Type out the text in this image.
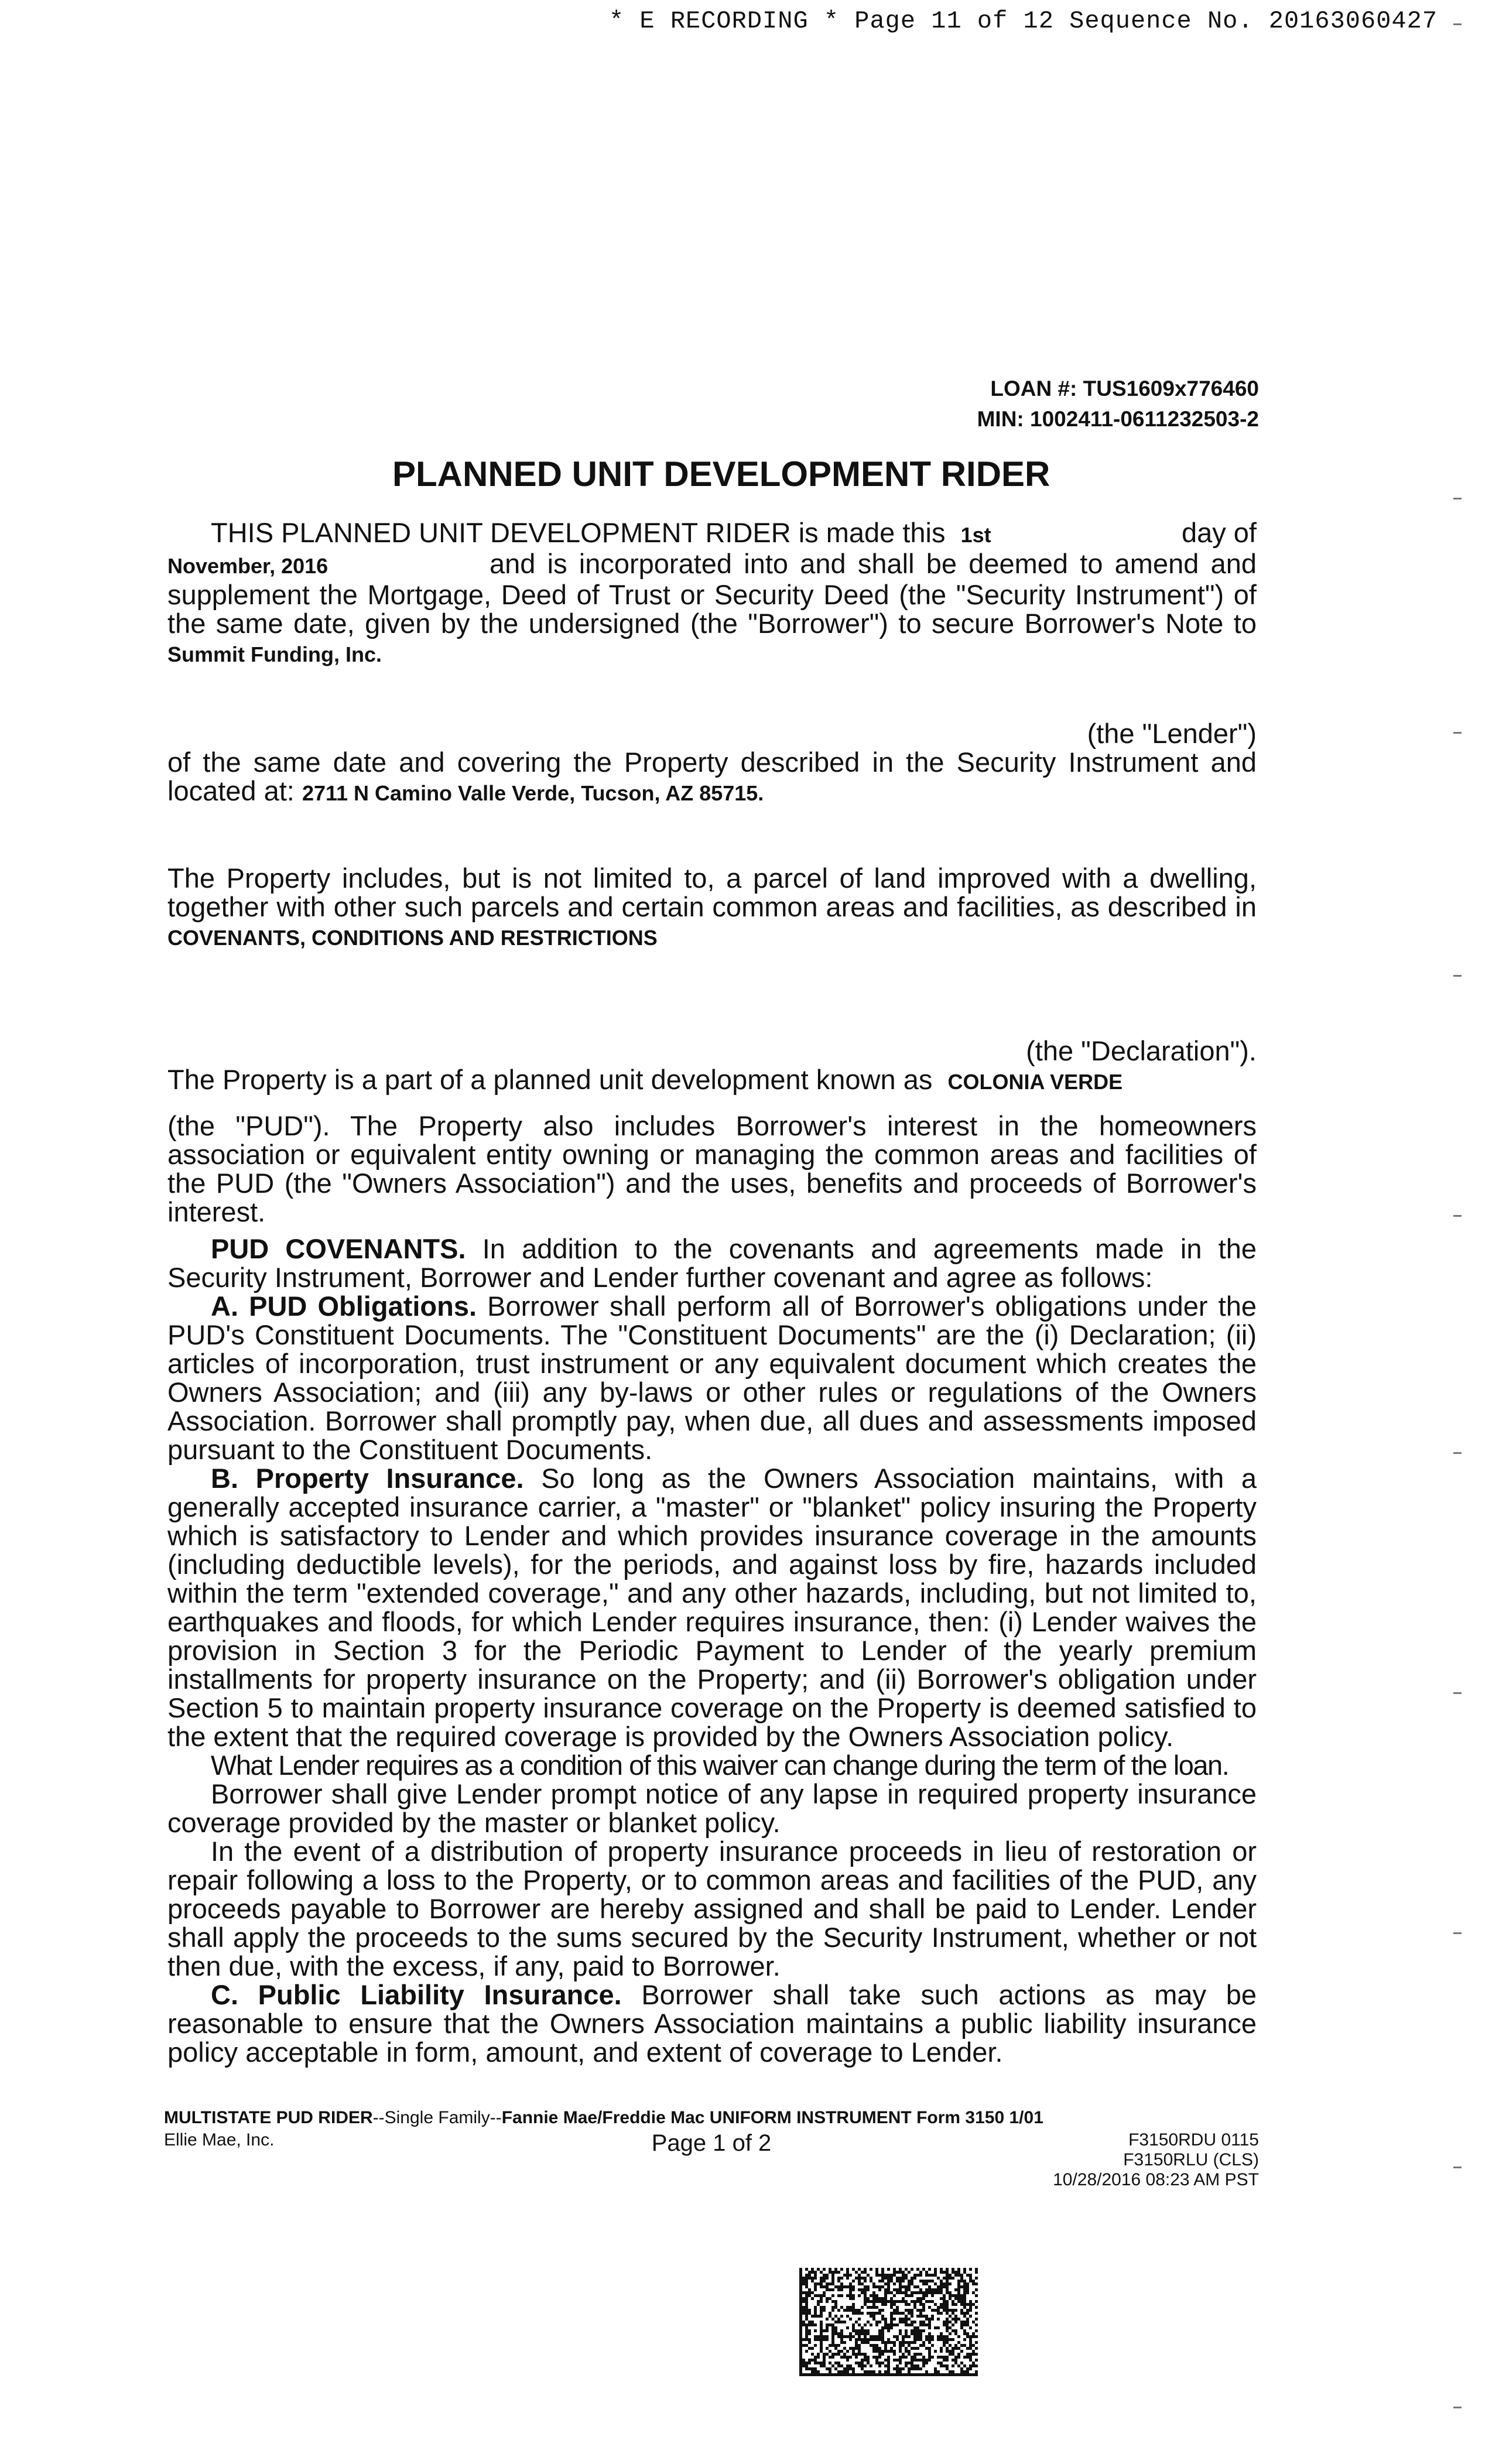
* E RECORDING * Page 11 of 12 Sequence No. 20163060427
LOAN #: TUS1609x776460
MIN: 1002411-0611232503-2
PLANNED UNIT DEVELOPMENT RIDER
THIS PLANNED UNIT DEVELOPMENT RIDER is made this 1st	day of
November, 2016	and is incorporated into and shall be deemed to amend and supplement the Mortgage, Deed of Trust or Security Deed (the "Security Instrument") of the same date, given by the undersigned (the "Borrower") to secure Borrower's Note to Summit Funding, Inc.
(the "Lender")
of the same date and covering the Property described in the Security Instrument and located at: 2711 N Camino Valle Verde, Tucson, AZ 85715.
The Property includes, but is not limited to, a parcel of land improved with a dwelling, together with other such parcels and certain common areas and facilities, as described in COVENANTS, CONDITIONS AND RESTRICTIONS
(the "Declaration").
The Property is a part of a planned unit development known as COLONIA VERDE
(the "PUD"). The Property also includes Borrower's interest in the homeowners association or equivalent entity owning or managing the common areas and facilities of the PUD (the "Owners Association") and the uses, benefits and proceeds of Borrower's interest.
PUD COVENANTS. In addition to the covenants and agreements made in the Security Instrument, Borrower and Lender further covenant and agree as follows:
A. PUD Obligations. Borrower shall perform all of Borrower's obligations under the PUD's Constituent Documents. The "Constituent Documents" are the (i) Declaration; (ii) articles of incorporation, trust instrument or any equivalent document which creates the Owners Association; and (iii) any by-laws or other rules or regulations of the Owners Association. Borrower shall promptly pay, when due, all dues and assessments imposed pursuant to the Constituent Documents.
B. Property Insurance. So long as the Owners Association maintains, with a generally accepted insurance carrier, a "master" or "blanket" policy insuring the Property which is satisfactory to Lender and which provides insurance coverage in the amounts (including deductible levels), for the periods, and against loss by fire, hazards included within the term "extended coverage," and any other hazards, including, but not limited to, earthquakes and floods, for which Lender requires insurance, then: (i) Lender waives the provision in Section 3 for the Periodic Payment to Lender of the yearly premium installments for property insurance on the Property; and (ii) Borrower's obligation under Section 5 to maintain property insurance coverage on the Property is deemed satisfied to the extent that the required coverage is provided by the Owners Association policy.
What Lender requires as a condition of this waiver can change during the term of the loan.
Borrower shall give Lender prompt notice of any lapse in required property insurance coverage provided by the master or blanket policy.
In the event of a distribution of property insurance proceeds in lieu of restoration or repair following a loss to the Property, or to common areas and facilities of the PUD, any proceeds payable to Borrower are hereby assigned and shall be paid to Lender. Lender shall apply the proceeds to the sums secured by the Security Instrument, whether or not then due, with the excess, if any, paid to Borrower.
C. Public Liability Insurance. Borrower shall take such actions as may be reasonable to ensure that the Owners Association maintains a public liability insurance policy acceptable in form, amount, and extent of coverage to Lender.
MULTISTATE PUD RIDER--Single Family--Fannie Mae/Freddie Mac UNIFORM INSTRUMENT Form 3150 1/01
Ellie Mae, Inc.	Page 1 of 2	F3150RDU 0115
F3150RLU (CLS)
10/28/2016 08:23 AM PST
